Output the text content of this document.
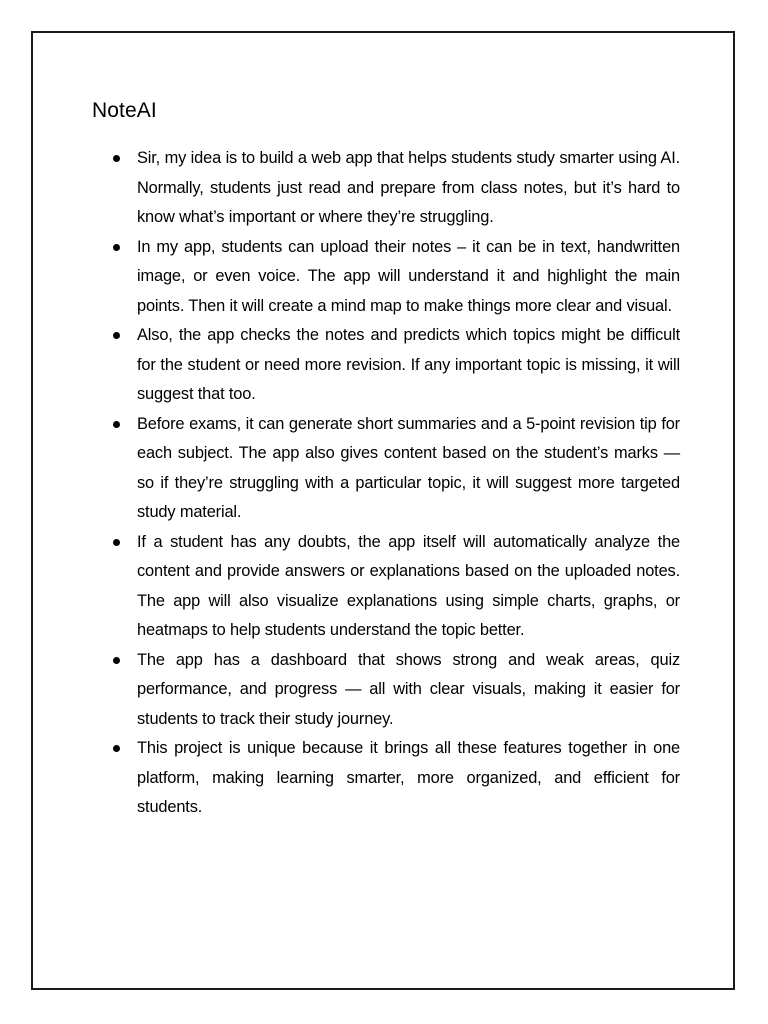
NoteAI
Sir, my idea is to build a web app that helps students study smarter using AI. Normally, students just read and prepare from class notes, but it’s hard to know what’s important or where they’re struggling.
In my app, students can upload their notes – it can be in text, handwritten image, or even voice. The app will understand it and highlight the main points. Then it will create a mind map to make things more clear and visual.
Also, the app checks the notes and predicts which topics might be difficult for the student or need more revision. If any important topic is missing, it will suggest that too.
Before exams, it can generate short summaries and a 5-point revision tip for each subject. The app also gives content based on the student’s marks — so if they’re struggling with a particular topic, it will suggest more targeted study material.
If a student has any doubts, the app itself will automatically analyze the content and provide answers or explanations based on the uploaded notes. The app will also visualize explanations using simple charts, graphs, or heatmaps to help students understand the topic better.
The app has a dashboard that shows strong and weak areas, quiz performance, and progress — all with clear visuals, making it easier for students to track their study journey.
This project is unique because it brings all these features together in one platform, making learning smarter, more organized, and efficient for students.
